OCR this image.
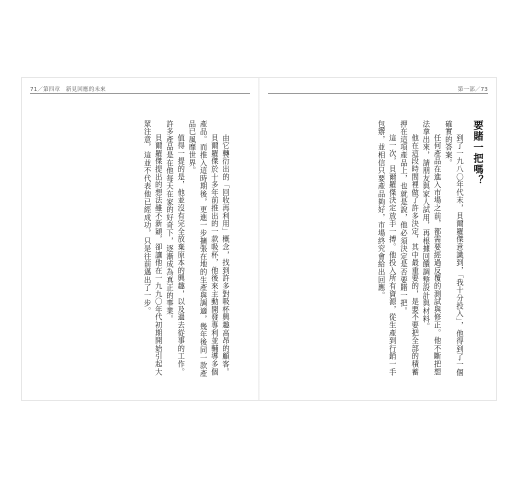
71／第四章　新見回應的未來

由它轉衍出的「回收再利用」概念，找到許多對吸杯興趣高昂的顧客。

貝爾羅傑於十多年前推出的一款吸杯，他後來主動開發專利並輔導多個產品。而推入這時期後，更進一步擴張在地的生產與調適，幾年後同一款產品已風靡世界。

值得一提的是，他並沒有完全放棄原本的興趣，以及過去從事的工作。許多產品是在他每天在家的好奇下，逐漸成為真正的事業。

貝爾羅傑提出的想法雖不新穎，卻讓他在一九九〇年代初期開始引起大眾注意，這並不代表他已經成功，只是往前邁出了一步。

第一部／73
要賭一把嗎？

到了一九八〇年代末，貝爾羅傑意識到，「我十分投入」，他得到了一個確實的答案。

任何產品在進入市場之前，都需要經過反覆的測試與修正。他不斷把想法拿出來，請朋友與家人試用，再根據回饋調整設計與材料。

他在這段時間裡做了許多決定，其中最重要的，是要不要把全部的積蓄押在這項產品上，也就是說，他必須決定是否要賭一把。

這一次，貝爾羅傑決定放手一搏。他投入所有資源，從生產到行銷一手包辦，並相信只要產品夠好，市場終究會給出回應。
